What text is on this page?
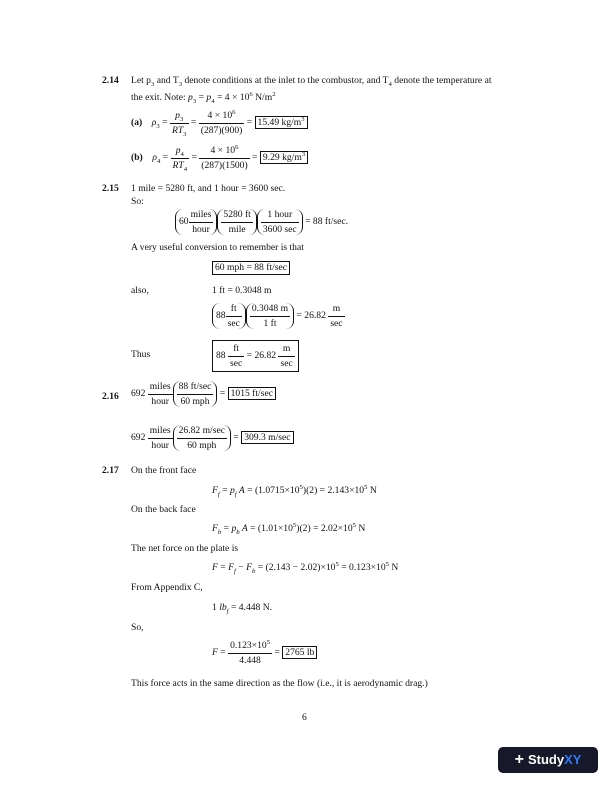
2.14 Let $p_3$ and $T_3$ denote conditions at the inlet to the combustor, and $T_4$ denote the temperature at
the exit. Note: $p_3 = p_4 = 4 \times 10^6$ $N/m^2$
(a) $\rho_3 = \frac{p_3}{RT_3} = \frac{4 \times 10^6}{(287)(900)} = 15.49$ $kg/m^3$
(b) $\rho_4 = \frac{p_4}{RT_4} = \frac{4 \times 10^6}{(287)(1500)} = 9.29$ $kg/m^3$
2.15 1 mile = 5280 ft, and 1 hour = 3600 sec.
So:
$60 \frac{\text{miles}}{\text{hour}} \frac{5280 ft}{\text{mile}} \frac{\text{1 hour}}{3600 \sec} = 88$ ft/sec.
A very useful conversion to remember is that
60 mph = 88 ft/sec
also,	1 ft = 0.3048 m
$88 \frac{ft}{\sec} \frac{0.3048 m}{1 ft} = 26.82 \frac{m}{\sec}$
Thus	$88 \frac{ft}{\sec} = 26.82 \frac{m}{\sec}$
2.16 $692 \frac{\text{miles}}{\text{hour}} \frac{88 ft/\sec}{\text{60 mph}} = 1015$ ft/sec
$692 \frac{\text{miles}}{\text{hour}} \frac{26.82 m/\sec}{\text{60 mph}} = 309.3$ m/sec
2.17 On the front face
$F_f = p_f$ $A = (1.0715\times 10^5)(2) = 2.143\times 10^5$ N
On the back face
$F_b = p_b$ $A = (1.01\times 10^5)(2) = 2.02\times 10^5$ N
The net force on the plate is
$F = F_f - F_b = (2.143 - 2.02)\times 10^5 = 0.123\times 10^5$ N
From Appendix C,
1 $lb_f = 4.448$ N.
So,
$F = \frac{0.123\times 10^5}{4.448} = 2765$ lb
This force acts in the same direction as the flow (i.e., it is aerodynamic drag.)
6
+ StudyXY
